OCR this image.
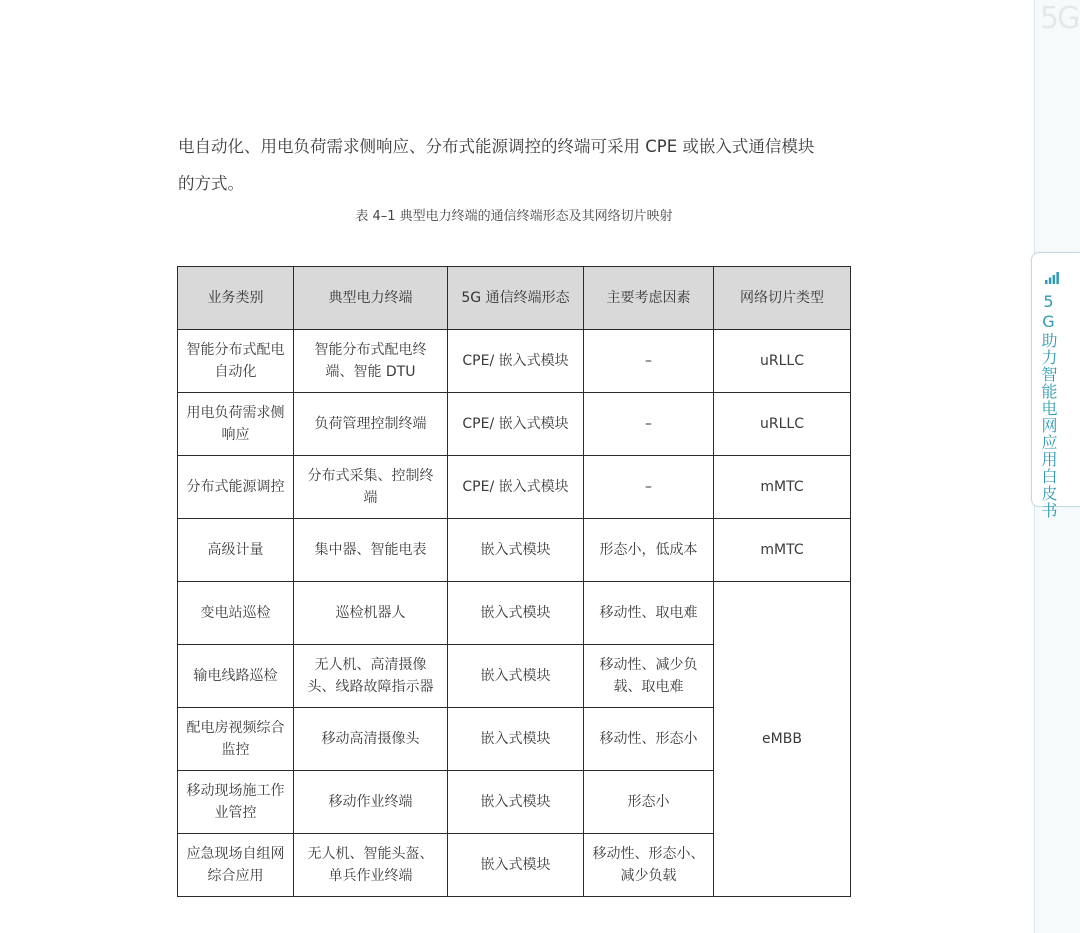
5G
5G助力智能电网应用白皮书
电自动化、用电负荷需求侧响应、分布式能源调控的终端可采用 CPE 或嵌入式通信模块
的方式。
表 4–1 典型电力终端的通信终端形态及其网络切片映射
业务类别	典型电力终端	5G 通信终端形态	主要考虑因素	网络切片类型
智能分布式配电自动化	智能分布式配电终端、智能 DTU	CPE/ 嵌入式模块	–	uRLLC
用电负荷需求侧响应	负荷管理控制终端	CPE/ 嵌入式模块	–	uRLLC
分布式能源调控	分布式采集、控制终端	CPE/ 嵌入式模块	–	mMTC
高级计量	集中器、智能电表	嵌入式模块	形态小，低成本	mMTC
变电站巡检	巡检机器人	嵌入式模块	移动性、取电难	eMBB
输电线路巡检	无人机、高清摄像头、线路故障指示器	嵌入式模块	移动性、减少负载、取电难	
配电房视频综合监控	移动高清摄像头	嵌入式模块	移动性、形态小	
移动现场施工作业管控	移动作业终端	嵌入式模块	形态小	
应急现场自组网综合应用	无人机、智能头盔、单兵作业终端	嵌入式模块	移动性、形态小、减少负载	
